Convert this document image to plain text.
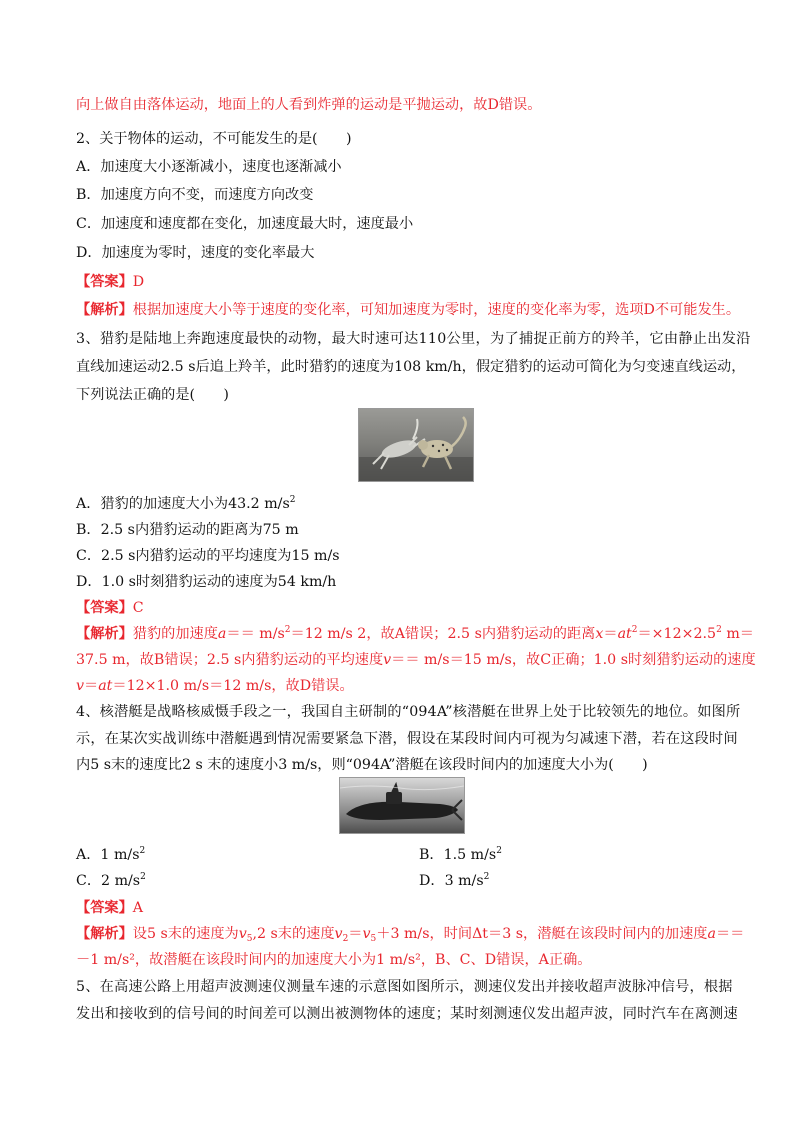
向上做自由落体运动，地面上的人看到炸弹的运动是平抛运动，故D错误。
2、关于物体的运动，不可能发生的是(　　)
A．加速度大小逐渐减小，速度也逐渐减小
B．加速度方向不变，而速度方向改变
C．加速度和速度都在变化，加速度最大时，速度最小
D．加速度为零时，速度的变化率最大
【答案】D
【解析】根据加速度大小等于速度的变化率，可知加速度为零时，速度的变化率为零，选项D不可能发生。
3、猎豹是陆地上奔跑速度最快的动物，最大时速可达110公里，为了捕捉正前方的羚羊，它由静止出发沿
直线加速运动2.5 s后追上羚羊，此时猎豹的速度为108 km/h，假定猎豹的运动可简化为匀变速直线运动，
下列说法正确的是(　　)
A．猎豹的加速度大小为43.2 $m/s^2$
B．2.5 s内猎豹运动的距离为75 m
C．2.5 s内猎豹运动的平均速度为15 m/s
D．1.0 s时刻猎豹运动的速度为54 km/h
【答案】C
【解析】猎豹的加速度$a== m/s^2=12$ m/s 2，故A错误；2.5 s内猎豹运动的距离$x=at^2=\times 12\times 2.5^2$ m＝
37.5 m，故B错误；2.5 s内猎豹运动的平均速度v＝＝ m/s＝15 m/s，故C正确；1.0 s时刻猎豹运动的速度
v＝at＝12×1.0 m/s＝12 m/s，故D错误。
4、核潜艇是战略核威慑手段之一，我国自主研制的“094A”核潜艇在世界上处于比较领先的地位。如图所
示，在某次实战训练中潜艇遇到情况需要紧急下潜，假设在某段时间内可视为匀减速下潜，若在这段时间
内5 s末的速度比2 s 末的速度小3 m/s，则“094A”潜艇在该段时间内的加速度大小为(　　)
A．1 $m/s^2$	B．1.5 $m/s^2$
C．2 $m/s^2$	D．3 $m/s^2$
【答案】A
【解析】设5 s末的速度为$v_5,2$ s末的速度$v_2=v_5+3$ m/s，时间Δt＝3 s，潜艇在该段时间内的加速度a＝＝
－1 m/s²，故潜艇在该段时间内的加速度大小为1 m/s²，B、C、D错误，A正确。
5、在高速公路上用超声波测速仪测量车速的示意图如图所示，测速仪发出并接收超声波脉冲信号，根据
发出和接收到的信号间的时间差可以测出被测物体的速度；某时刻测速仪发出超声波，同时汽车在离测速
